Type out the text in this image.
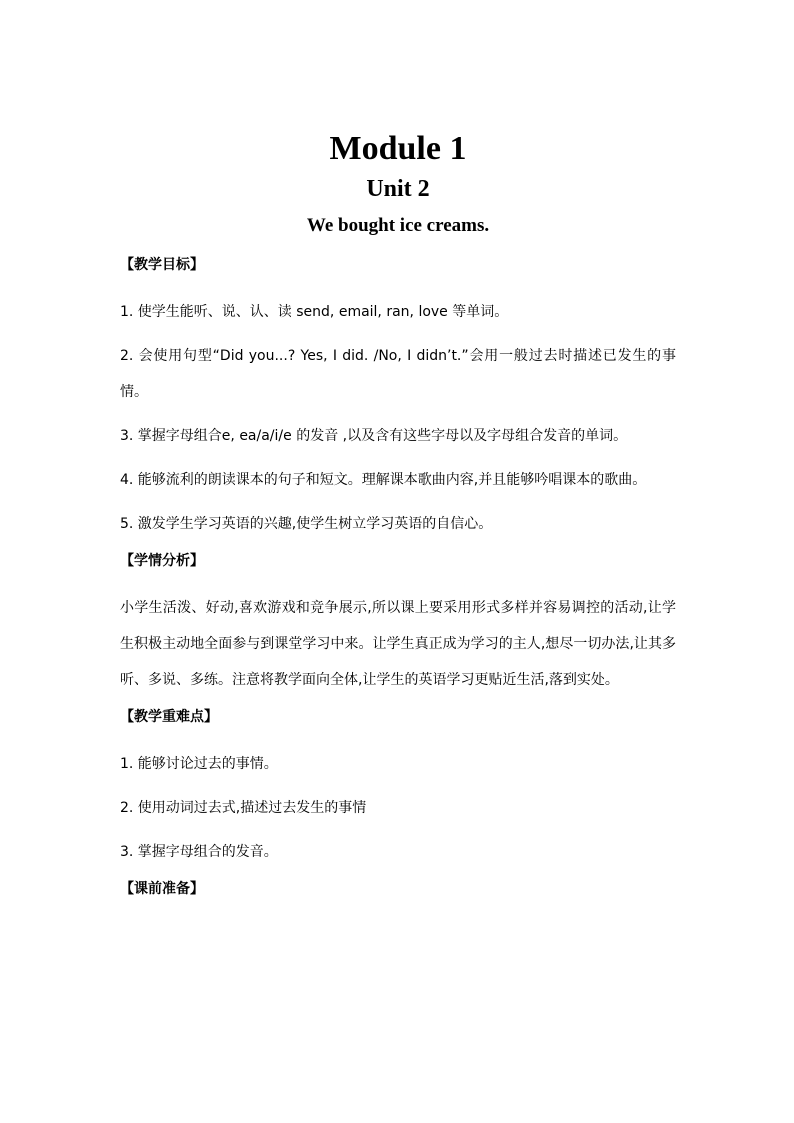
Module 1
Unit 2
We bought ice creams.
【教学目标】

1. 使学生能听、说、认、读 send, email, ran, love 等单词。

2. 会使用句型“Did you...? Yes, I did. /No, I didn’t.”会用一般过去时描述已发生的事情。

3. 掌握字母组合e, ea/a/i/e 的发音 ,以及含有这些字母以及字母组合发音的单词。

4. 能够流利的朗读课本的句子和短文。理解课本歌曲内容,并且能够吟唱课本的歌曲。

5. 激发学生学习英语的兴趣,使学生树立学习英语的自信心。

【学情分析】

小学生活泼、好动,喜欢游戏和竞争展示,所以课上要采用形式多样并容易调控的活动,让学生积极主动地全面参与到课堂学习中来。让学生真正成为学习的主人,想尽一切办法,让其多听、多说、多练。注意将教学面向全体,让学生的英语学习更贴近生活,落到实处。

【教学重难点】

1. 能够讨论过去的事情。

2. 使用动词过去式,描述过去发生的事情

3. 掌握字母组合的发音。

【课前准备】
